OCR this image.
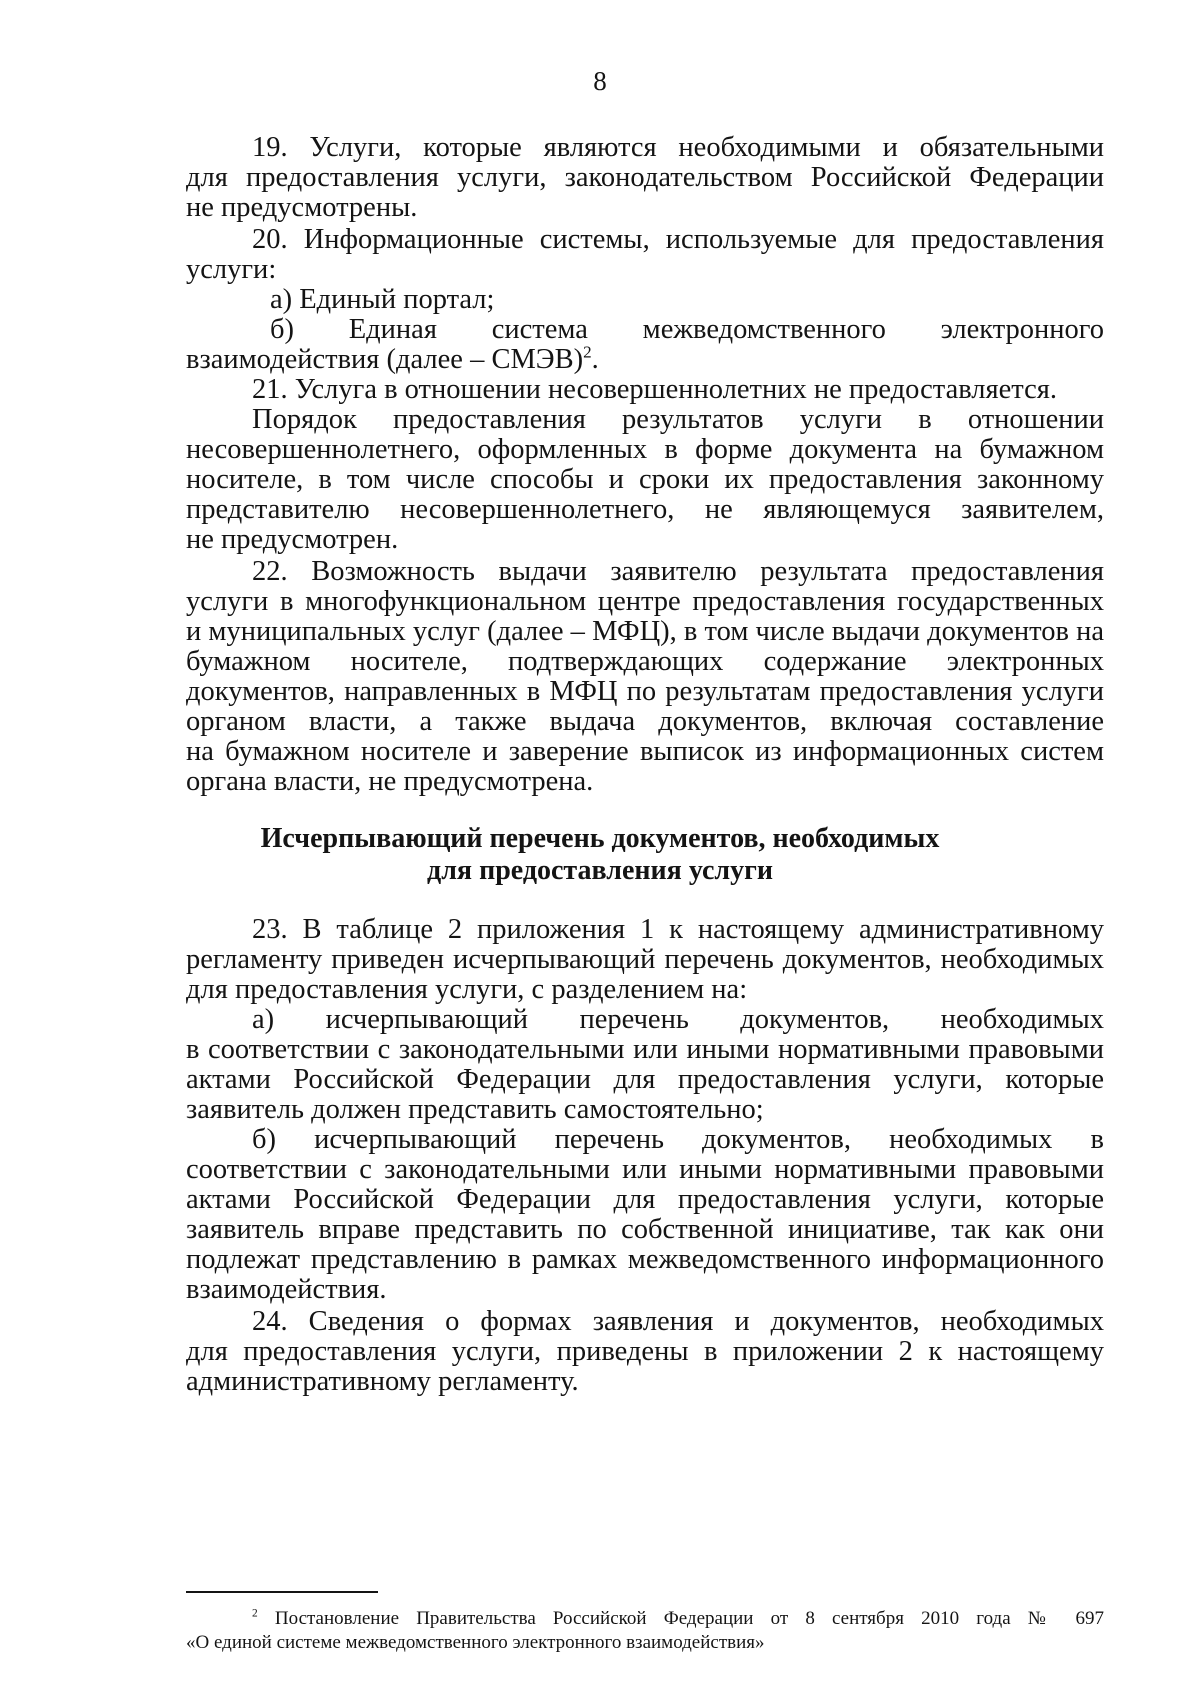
8
19. Услуги, которые являются необходимыми и обязательными
для предоставления услуги, законодательством Российской Федерации
не предусмотрены.
20. Информационные системы, используемые для предоставления
услуги:
а) Единый портал;
б) Единая система межведомственного электронного
взаимодействия (далее – СМЭВ)$^2$.
21. Услуга в отношении несовершеннолетних не предоставляется.
Порядок предоставления результатов услуги в отношении
несовершеннолетнего, оформленных в форме документа на бумажном
носителе, в том числе способы и сроки их предоставления законному
представителю несовершеннолетнего, не являющемуся заявителем,
не предусмотрен.
22. Возможность выдачи заявителю результата предоставления
услуги в многофункциональном центре предоставления государственных
и муниципальных услуг (далее – МФЦ), в том числе выдачи документов на
бумажном носителе, подтверждающих содержание электронных
документов, направленных в МФЦ по результатам предоставления услуги
органом власти, а также выдача документов, включая составление
на бумажном носителе и заверение выписок из информационных систем
органа власти, не предусмотрена.
Исчерпывающий перечень документов, необходимых
для предоставления услуги
23. В таблице 2 приложения 1 к настоящему административному
регламенту приведен исчерпывающий перечень документов, необходимых
для предоставления услуги, с разделением на:
а) исчерпывающий перечень документов, необходимых
в соответствии с законодательными или иными нормативными правовыми
актами Российской Федерации для предоставления услуги, которые
заявитель должен представить самостоятельно;
б) исчерпывающий перечень документов, необходимых в
соответствии с законодательными или иными нормативными правовыми
актами Российской Федерации для предоставления услуги, которые
заявитель вправе представить по собственной инициативе, так как они
подлежат представлению в рамках межведомственного информационного
взаимодействия.
24. Сведения о формах заявления и документов, необходимых
для предоставления услуги, приведены в приложении 2 к настоящему
административному регламенту.
$^2$ Постановление Правительства Российской Федерации от 8 сентября 2010 года № 697
«О единой системе межведомственного электронного взаимодействия»
